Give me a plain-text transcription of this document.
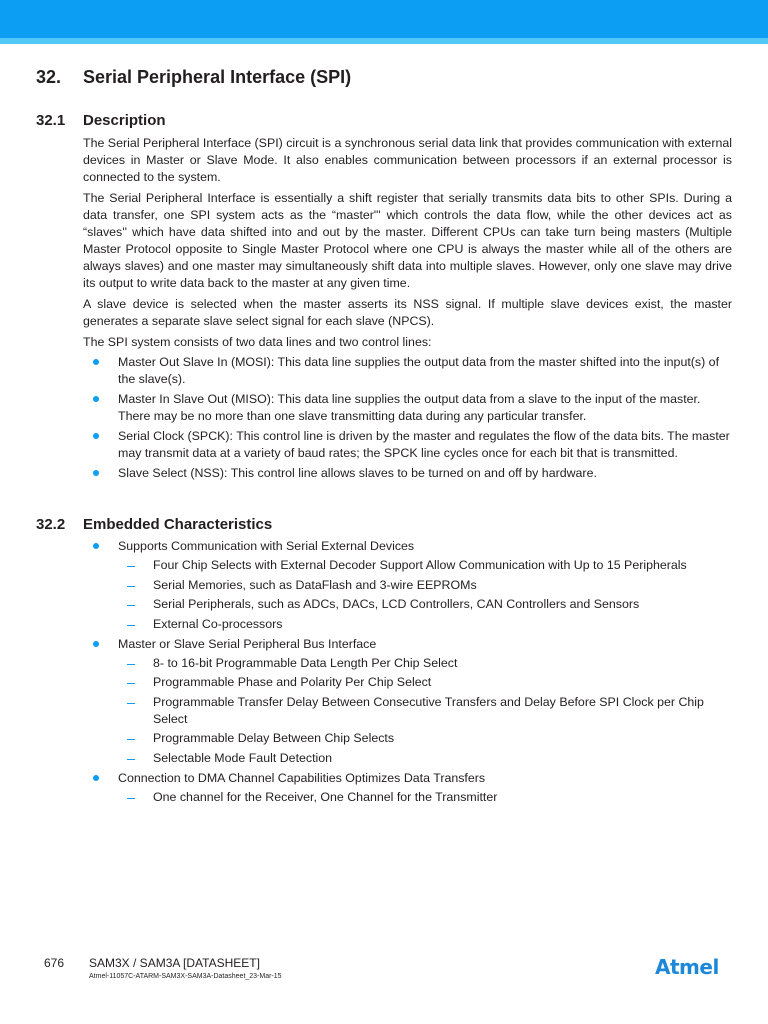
32. Serial Peripheral Interface (SPI)
32.1 Description

The Serial Peripheral Interface (SPI) circuit is a synchronous serial data link that provides communication with external devices in Master or Slave Mode. It also enables communication between processors if an external processor is connected to the system.

The Serial Peripheral Interface is essentially a shift register that serially transmits data bits to other SPIs. During a data transfer, one SPI system acts as the “master"' which controls the data flow, while the other devices act as “slaves'' which have data shifted into and out by the master. Different CPUs can take turn being masters (Multiple Master Protocol opposite to Single Master Protocol where one CPU is always the master while all of the others are always slaves) and one master may simultaneously shift data into multiple slaves. However, only one slave may drive its output to write data back to the master at any given time.

A slave device is selected when the master asserts its NSS signal. If multiple slave devices exist, the master generates a separate slave select signal for each slave (NPCS).

The SPI system consists of two data lines and two control lines:

Master Out Slave In (MOSI): This data line supplies the output data from the master shifted into the input(s) of the slave(s).
Master In Slave Out (MISO): This data line supplies the output data from a slave to the input of the master. There may be no more than one slave transmitting data during any particular transfer.
Serial Clock (SPCK): This control line is driven by the master and regulates the flow of the data bits. The master may transmit data at a variety of baud rates; the SPCK line cycles once for each bit that is transmitted.
Slave Select (NSS): This control line allows slaves to be turned on and off by hardware.
32.2 Embedded Characteristics
Supports Communication with Serial External Devices
Four Chip Selects with External Decoder Support Allow Communication with Up to 15 Peripherals
Serial Memories, such as DataFlash and 3-wire EEPROMs
Serial Peripherals, such as ADCs, DACs, LCD Controllers, CAN Controllers and Sensors
External Co-processors
Master or Slave Serial Peripheral Bus Interface
8- to 16-bit Programmable Data Length Per Chip Select
Programmable Phase and Polarity Per Chip Select
Programmable Transfer Delay Between Consecutive Transfers and Delay Before SPI Clock per Chip Select
Programmable Delay Between Chip Selects
Selectable Mode Fault Detection
Connection to DMA Channel Capabilities Optimizes Data Transfers
One channel for the Receiver, One Channel for the Transmitter
676 SAM3X / SAM3A [DATASHEET]
Atmel-11057C-ATARM-SAM3X-SAM3A-Datasheet_23-Mar-15	Atmel
